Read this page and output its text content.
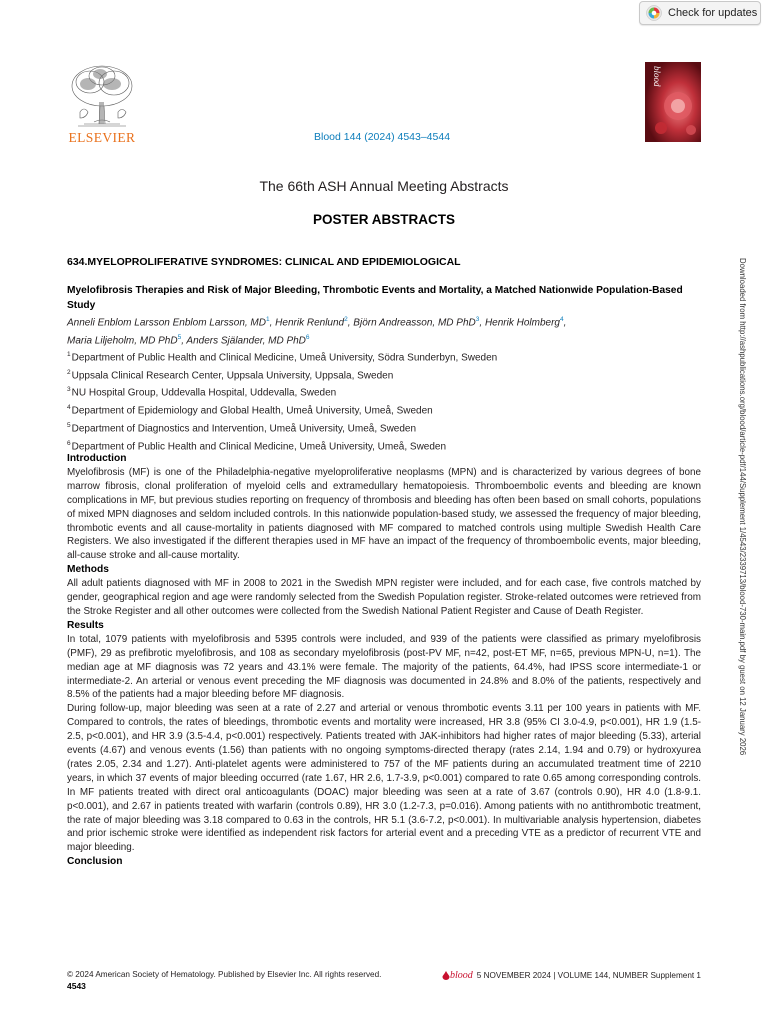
Check for updates
ELSEVIER	Blood 144 (2024) 4543–4544
blood
The 66th ASH Annual Meeting Abstracts
POSTER ABSTRACTS
634.MYELOPROLIFERATIVE SYNDROMES: CLINICAL AND EPIDEMIOLOGICAL
Myelofibrosis Therapies and Risk of Major Bleeding, Thrombotic Events and Mortality, a Matched Nationwide Population-Based Study
Anneli Enblom Larsson Enblom Larsson, $MD^1$, Henrik Renlund$^2$, Björn Andreasson, MD PhD$^3$, Henrik Holmberg$^4$,
Maria Liljeholm, MD PhD$^5$, Anders Själander, MD PhD$^6$
$^1$Department of Public Health and Clinical Medicine, Umeå University, Södra Sunderbyn, Sweden
$^2$Uppsala Clinical Research Center, Uppsala University, Uppsala, Sweden
$^3$NU Hospital Group, Uddevalla Hospital, Uddevalla, Sweden
$^4$Department of Epidemiology and Global Health, Umeå University, Umeå, Sweden
$^5$Department of Diagnostics and Intervention, Umeå University, Umeå, Sweden
$^6$Department of Public Health and Clinical Medicine, Umeå University, Umeå, Sweden
Introduction

Myelofibrosis (MF) is one of the Philadelphia-negative myeloproliferative neoplasms (MPN) and is characterized by various degrees of bone marrow fibrosis, clonal proliferation of myeloid cells and extramedullary hematopoiesis. Thromboembolic events and bleeding are known complications in MF, but previous studies reporting on frequency of thrombosis and bleeding has often been based on small cohorts, populations of mixed MPN diagnoses and seldom included controls. In this nationwide population-based study, we assessed the frequency of major bleeding, thrombotic events and all cause-mortality in patients diagnosed with MF compared to matched controls using multiple Swedish Health Care Registers. We also investigated if the different therapies used in MF have an impact of the frequency of thromboembolic events, major bleeding, all-cause stroke and all-cause mortality.

Methods

All adult patients diagnosed with MF in 2008 to 2021 in the Swedish MPN register were included, and for each case, five controls matched by gender, geographical region and age were randomly selected from the Swedish Population register. Stroke-related outcomes were retrieved from the Stroke Register and all other outcomes were collected from the Swedish National Patient Register and Cause of Death Register.

Results

In total, 1079 patients with myelofibrosis and 5395 controls were included, and 939 of the patients were classified as primary myelofibrosis (PMF), 29 as prefibrotic myelofibrosis, and 108 as secondary myelofibrosis (post-PV MF, n=42, post-ET MF, n=65, previous MPN-U, n=1). The median age at MF diagnosis was 72 years and 43.1% were female. The majority of the patients, 64.4%, had IPSS score intermediate-1 or intermediate-2. An arterial or venous event preceding the MF diagnosis was documented in 24.8% and 8.0% of the patients, respectively and 8.5% of the patients had a major bleeding before MF diagnosis.

During follow-up, major bleeding was seen at a rate of 2.27 and arterial or venous thrombotic events 3.11 per 100 years in patients with MF. Compared to controls, the rates of bleedings, thrombotic events and mortality were increased, HR 3.8 (95% CI 3.0-4.9, p<0.001), HR 1.9 (1.5-2.5, p<0.001), and HR 3.9 (3.5-4.4, p<0.001) respectively. Patients treated with JAK-inhibitors had higher rates of major bleeding (5.33), arterial events (4.67) and venous events (1.56) than patients with no ongoing symptoms-directed therapy (rates 2.14, 1.94 and 0.79) or hydroxyurea (rates 2.05, 2.34 and 1.27). Anti-platelet agents were administered to 757 of the MF patients during an accumulated treatment time of 2210 years, in which 37 events of major bleeding occurred (rate 1.67, HR 2.6, 1.7-3.9, p<0.001) compared to rate 0.65 among corresponding controls. In MF patients treated with direct oral anticoagulants (DOAC) major bleeding was seen at a rate of 3.67 (controls 0.90), HR 4.0 (1.8-9.1. p<0.001), and 2.67 in patients treated with warfarin (controls 0.89), HR 3.0 (1.2-7.3, p=0.016). Among patients with no antithrombotic treatment, the rate of major bleeding was 3.18 compared to 0.63 in the controls, HR 5.1 (3.6-7.2, p<0.001). In multivariable analysis hypertension, diabetes and prior ischemic stroke were identified as independent risk factors for arterial event and a preceding VTE as a predictor of recurrent VTE and major bleeding.

Conclusion
Downloaded from http://ashpublications.org/blood/article-pdf/144/Supplement 1/4543/2339713/blood-730-main.pdf by guest on 12 January 2026
© 2024 American Society of Hematology. Published by Elsevier Inc. All rights reserved.	blood 5 NOVEMBER 2024 | VOLUME 144, NUMBER Supplement 1
4543
